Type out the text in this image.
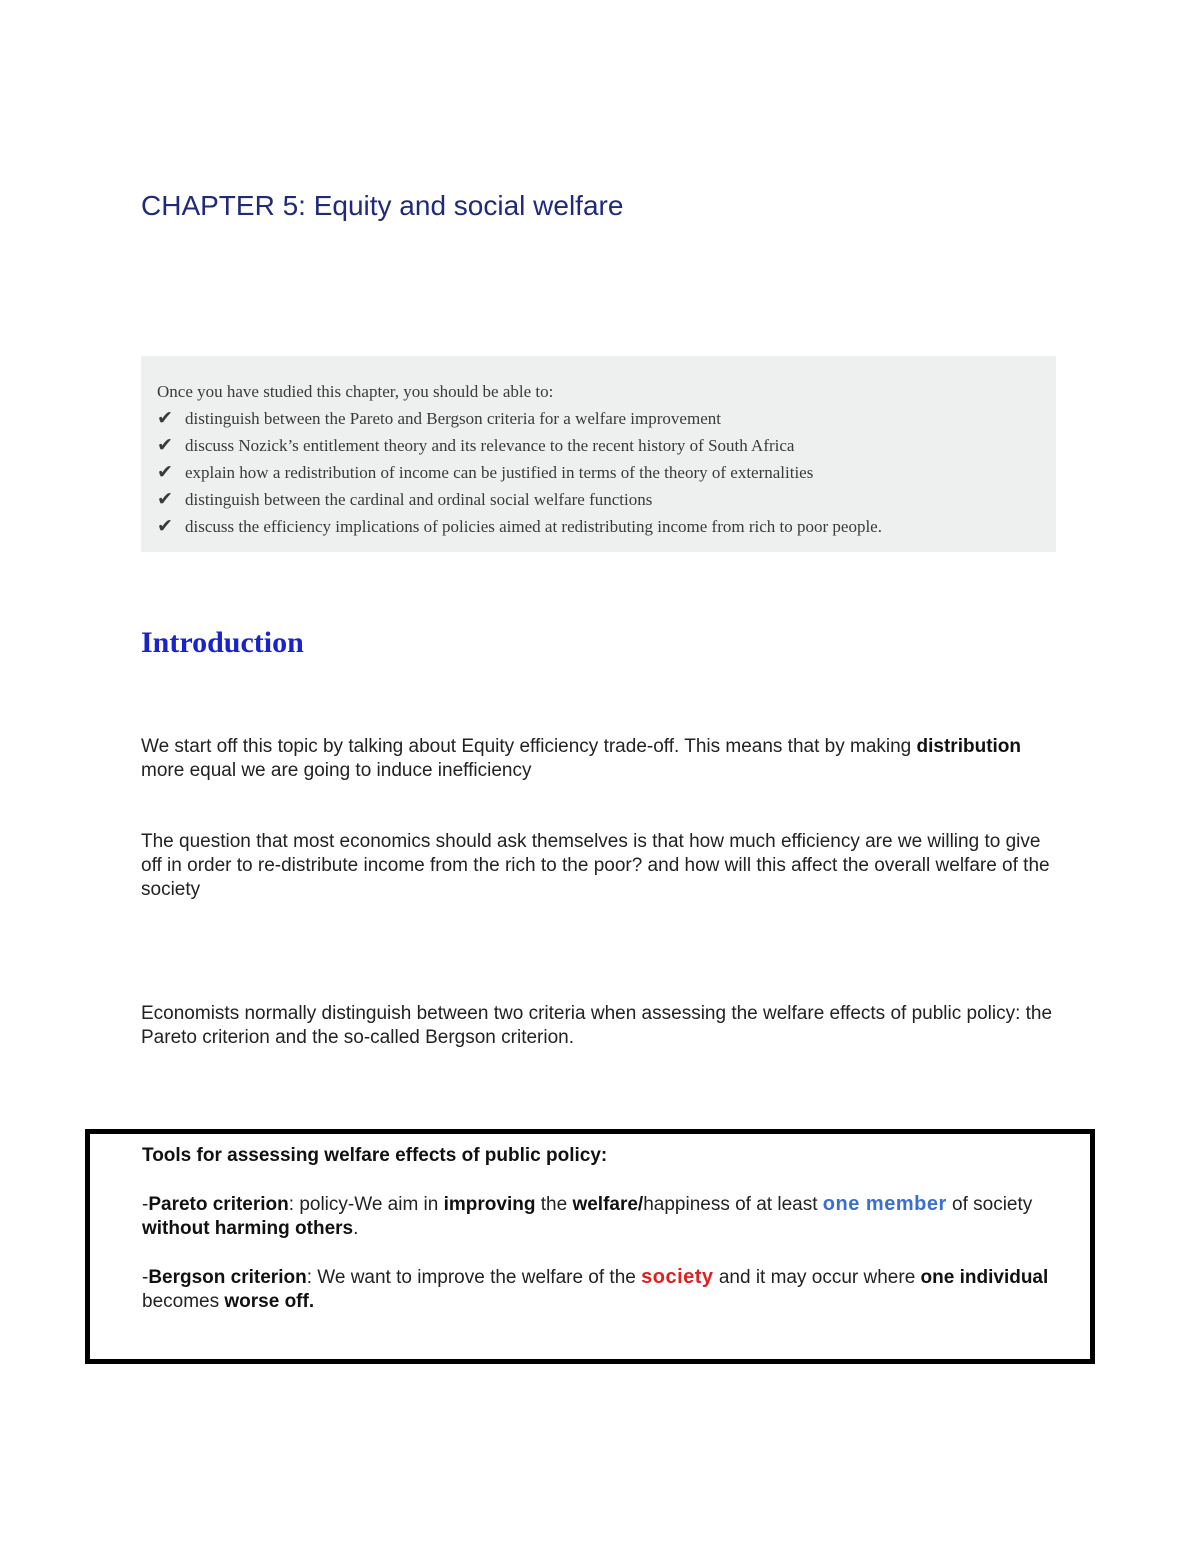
CHAPTER 5: Equity and social welfare
Once you have studied this chapter, you should be able to:
✔ distinguish between the Pareto and Bergson criteria for a welfare improvement
✔ discuss Nozick’s entitlement theory and its relevance to the recent history of South Africa
✔ explain how a redistribution of income can be justified in terms of the theory of externalities
✔ distinguish between the cardinal and ordinal social welfare functions
✔ discuss the efficiency implications of policies aimed at redistributing income from rich to poor people.
Introduction

We start off this topic by talking about Equity efficiency trade-off. This means that by making distribution more equal we are going to induce inefficiency

The question that most economics should ask themselves is that how much efficiency are we willing to give off in order to re-distribute income from the rich to the poor? and how will this affect the overall welfare of the society

Economists normally distinguish between two criteria when assessing the welfare effects of public policy: the Pareto criterion and the so-called Bergson criterion.

Tools for assessing welfare effects of public policy:
-Pareto criterion: policy-We aim in improving the welfare/happiness of at least one member of society without harming others.
-Bergson criterion: We want to improve the welfare of the society and it may occur where one individual becomes worse off.
